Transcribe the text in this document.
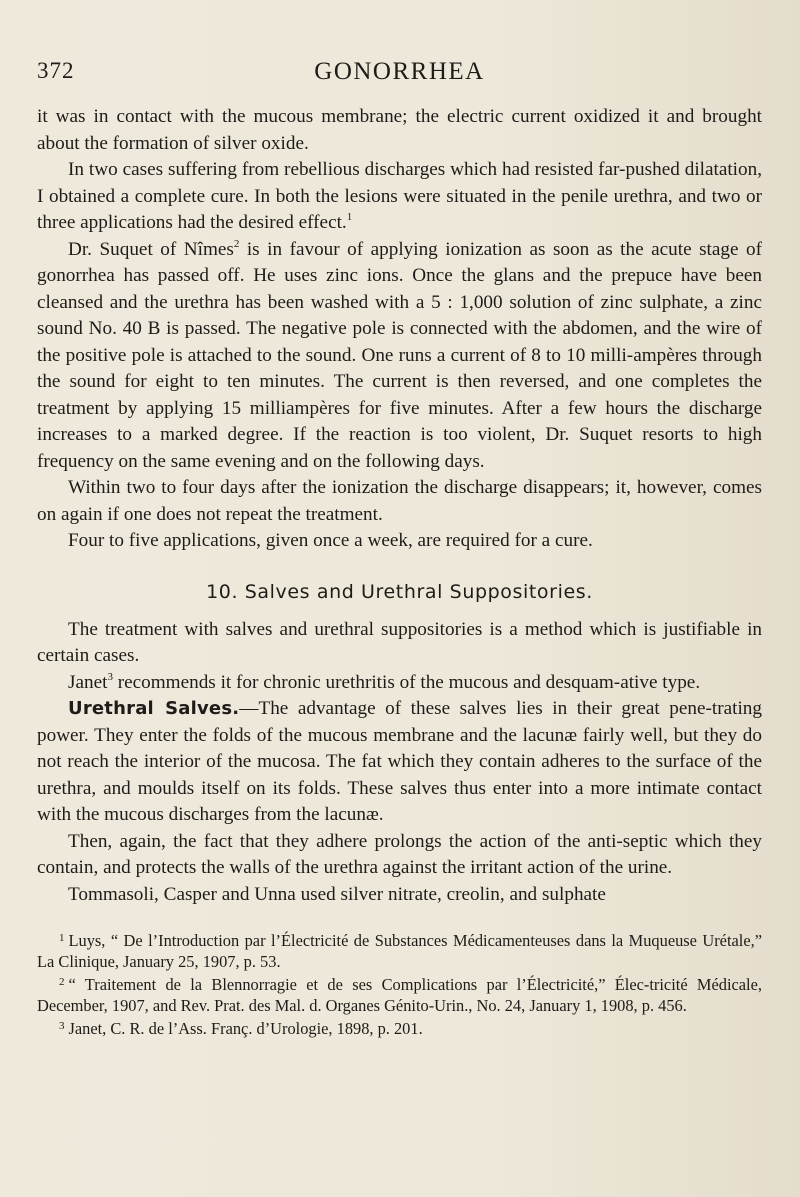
372	GONORRHEA

it was in contact with the mucous membrane; the electric current oxidized it and brought about the formation of silver oxide.

In two cases suffering from rebellious discharges which had resisted far-pushed dilatation, I obtained a complete cure. In both the lesions were situated in the penile urethra, and two or three applications had the desired effect.$^1$

Dr. Suquet of Nîmes$^2$ is in favour of applying ionization as soon as the acute stage of gonorrhea has passed off. He uses zinc ions. Once the glans and the prepuce have been cleansed and the urethra has been washed with a 5 : 1,000 solution of zinc sulphate, a zinc sound No. 40 B is passed. The negative pole is connected with the abdomen, and the wire of the positive pole is attached to the sound. One runs a current of 8 to 10 milli-ampères through the sound for eight to ten minutes. The current is then reversed, and one completes the treatment by applying 15 milliampères for five minutes. After a few hours the discharge increases to a marked degree. If the reaction is too violent, Dr. Suquet resorts to high frequency on the same evening and on the following days.

Within two to four days after the ionization the discharge disappears; it, however, comes on again if one does not repeat the treatment.

Four to five applications, given once a week, are required for a cure.

10. Salves and Urethral Suppositories.

The treatment with salves and urethral suppositories is a method which is justifiable in certain cases.

Janet$^3$ recommends it for chronic urethritis of the mucous and desquam-ative type.

Urethral Salves.—The advantage of these salves lies in their great pene-trating power. They enter the folds of the mucous membrane and the lacunæ fairly well, but they do not reach the interior of the mucosa. The fat which they contain adheres to the surface of the urethra, and moulds itself on its folds. These salves thus enter into a more intimate contact with the mucous discharges from the lacunæ.

Then, again, the fact that they adhere prolongs the action of the anti-septic which they contain, and protects the walls of the urethra against the irritant action of the urine.

Tommasoli, Casper and Unna used silver nitrate, creolin, and sulphate

$^1$ Luys, “ De l’Introduction par l’Électricité de Substances Médicamenteuses dans la Muqueuse Urétale,” La Clinique, January 25, 1907, p. 53.

$^2$ “ Traitement de la Blennorragie et de ses Complications par l’Électricité,” Élec-tricité Médicale, December, 1907, and Rev. Prat. des Mal. d. Organes Génito-Urin., No. 24, January 1, 1908, p. 456.

$^3$ Janet, C. R. de l’Ass. Franç. d’Urologie, 1898, p. 201.
